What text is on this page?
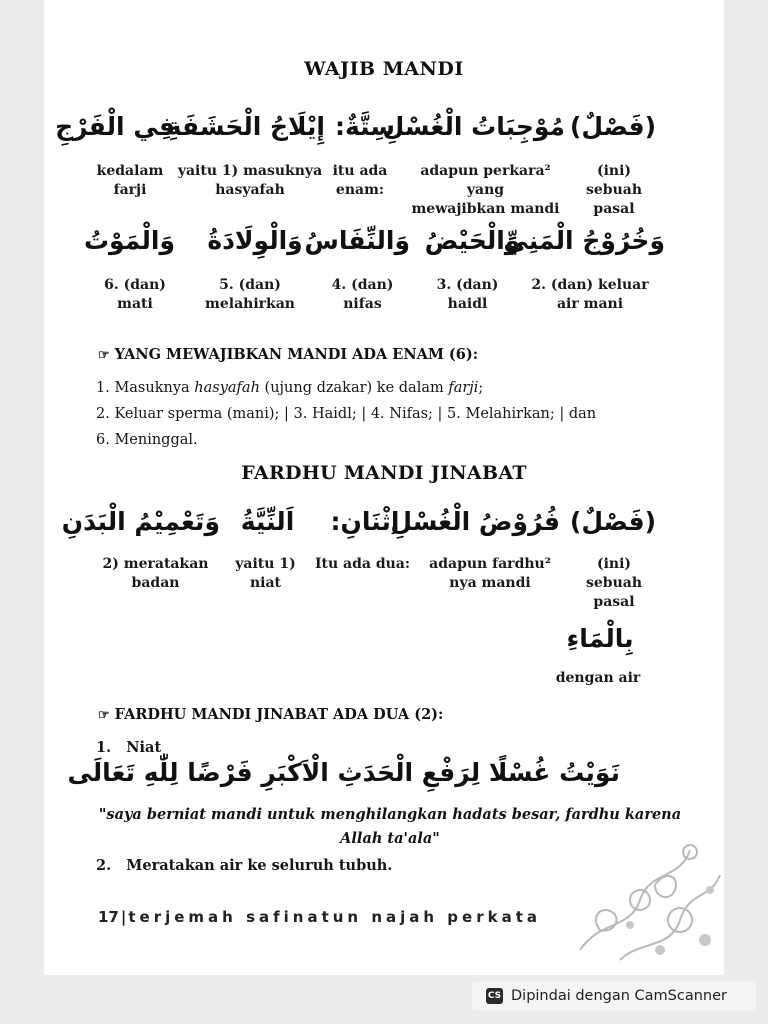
WAJIB MANDI
(فَصْلٌ)
مُوْجِبَاتُ الْغُسْلِ
سِتَّةٌ:
إِيْلَاجُ الْحَشَفَةِ
فِي الْفَرْجِ
(ini)
sebuah
pasal
adapun perkara² yang
mewajibkan mandi
itu ada
enam:
yaitu 1) masuknya
hasyafah
kedalam
farji
وَخُرُوْجُ الْمَنِيِّ
وَالْحَيْضُ
وَالنِّفَاسُ
وَالْوِلَادَةُ
وَالْمَوْتُ
2. (dan) keluar
air mani
3. (dan) haidl
4. (dan)
nifas
5. (dan)
melahirkan
6. (dan)
mati
☞ YANG MEWAJIBKAN MANDI ADA ENAM (6):
1. Masuknya hasyafah (ujung dzakar) ke dalam farji;
2. Keluar sperma (mani); | 3. Haidl; | 4. Nifas; | 5. Melahirkan; | dan
6. Meninggal.
FARDHU MANDI JINABAT
(فَصْلٌ)
فُرُوْضُ الْغُسْلِ
اِثْنَانِ:
اَلنِّيَّةُ
وَتَعْمِيْمُ الْبَدَنِ
(ini)
sebuah
pasal
adapun fardhu²
nya mandi
Itu ada dua:
yaitu 1)
niat
2) meratakan
badan
بِالْمَاءِ
dengan air
☞ FARDHU MANDI JINABAT ADA DUA (2):
1. Niat
نَوَيْتُ غُسْلًا لِرَفْعِ الْحَدَثِ الْاَكْبَرِ فَرْضًا لِلّٰهِ تَعَالَى
"saya berniat mandi untuk menghilangkan hadats besar, fardhu karena
Allah ta'ala"
2. Meratakan air ke seluruh tubuh.
17 | terjemah safinatun najah perkata
CS Dipindai dengan CamScanner
